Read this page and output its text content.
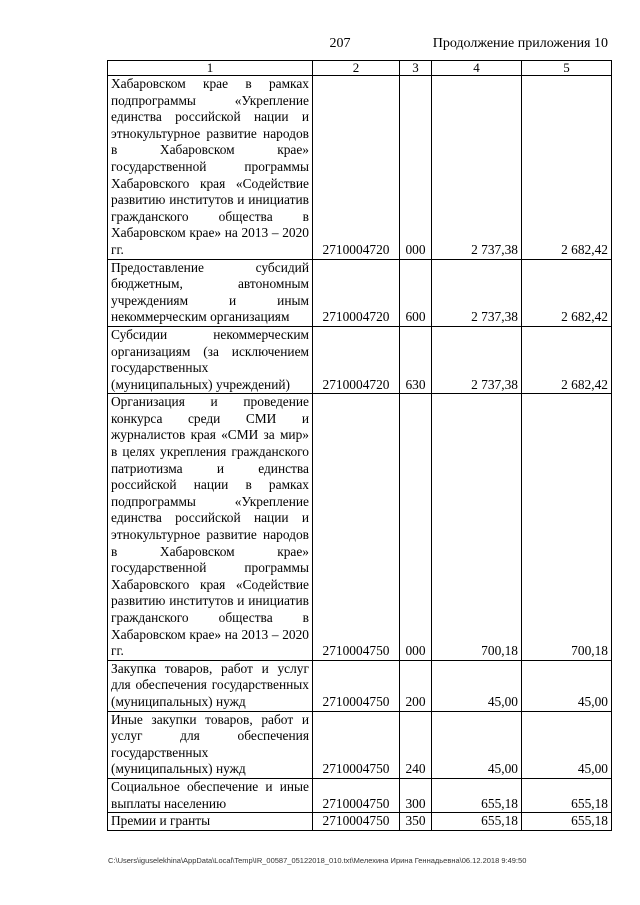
207	Продолжение приложения 10
1	2	3	4	5
Хабаровском крае в рамках подпрограммы «Укрепление единства российской нации и этнокультурное развитие народов в Хабаровском крае» государственной программы Хабаровского края «Содействие развитию институтов и инициатив гражданского общества в Хабаровском крае» на 2013 – 2020 гг.	2710004720	000	2 737,38	2 682,42
Предоставление субсидий бюджетным, автономным учреждениям и иным некоммерческим организациям	2710004720	600	2 737,38	2 682,42
Субсидии некоммерческим организациям (за исключением государственных (муниципальных) учреждений)	2710004720	630	2 737,38	2 682,42
Организация и проведение конкурса среди СМИ и журналистов края «СМИ за мир» в целях укрепления гражданского патриотизма и единства российской нации в рамках подпрограммы «Укрепление единства российской нации и этнокультурное развитие народов в Хабаровском крае» государственной программы Хабаровского края «Содействие развитию институтов и инициатив гражданского общества в Хабаровском крае» на 2013 – 2020 гг.	2710004750	000	700,18	700,18
Закупка товаров, работ и услуг для обеспечения государственных (муниципальных) нужд	2710004750	200	45,00	45,00
Иные закупки товаров, работ и услуг для обеспечения государственных (муниципальных) нужд	2710004750	240	45,00	45,00
Социальное обеспечение и иные выплаты населению	2710004750	300	655,18	655,18
Премии и гранты	2710004750	350	655,18	655,18
C:\Users\iguselekhina\AppData\Local\Temp\IR_00587_05122018_010.txt\Мелехина Ирина Геннадьевна\06.12.2018 9:49:50
